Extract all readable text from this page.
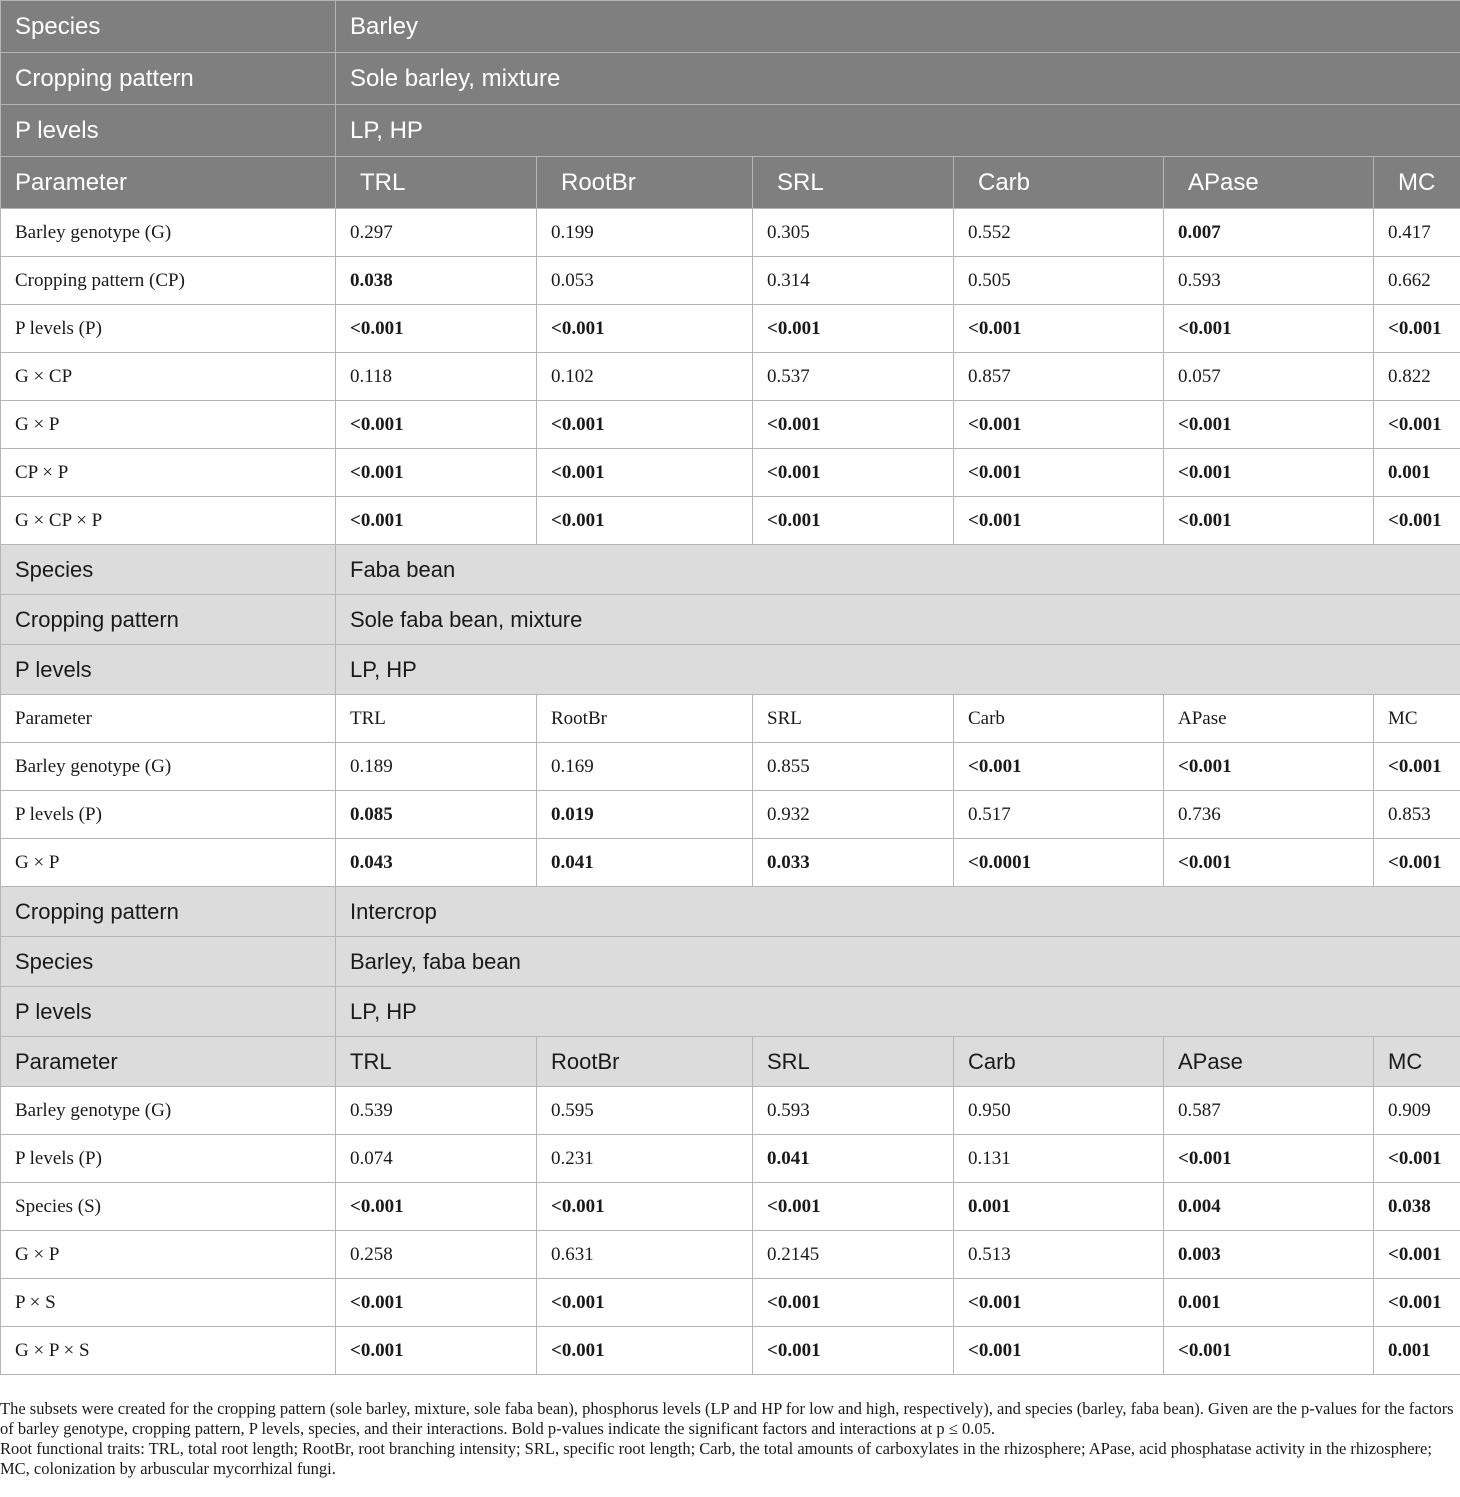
Species	Barley					
Cropping pattern	Sole barley, mixture					
P levels	LP, HP					
Parameter	TRL	RootBr	SRL	Carb	APase	MC
Barley genotype (G)	0.297	0.199	0.305	0.552	0.007	0.417
Cropping pattern (CP)	0.038	0.053	0.314	0.505	0.593	0.662
P levels (P)	<0.001	<0.001	<0.001	<0.001	<0.001	<0.001
G × CP	0.118	0.102	0.537	0.857	0.057	0.822
G × P	<0.001	<0.001	<0.001	<0.001	<0.001	<0.001
CP × P	<0.001	<0.001	<0.001	<0.001	<0.001	0.001
G × CP × P	<0.001	<0.001	<0.001	<0.001	<0.001	<0.001
Species	Faba bean					
Cropping pattern	Sole faba bean, mixture					
P levels	LP, HP					
Parameter	TRL	RootBr	SRL	Carb	APase	MC
Barley genotype (G)	0.189	0.169	0.855	<0.001	<0.001	<0.001
P levels (P)	0.085	0.019	0.932	0.517	0.736	0.853
G × P	0.043	0.041	0.033	<0.0001	<0.001	<0.001
Cropping pattern	Intercrop					
Species	Barley, faba bean					
P levels	LP, HP					
Parameter	TRL	RootBr	SRL	Carb	APase	MC
Barley genotype (G)	0.539	0.595	0.593	0.950	0.587	0.909
P levels (P)	0.074	0.231	0.041	0.131	<0.001	<0.001
Species (S)	<0.001	<0.001	<0.001	0.001	0.004	0.038
G × P	0.258	0.631	0.2145	0.513	0.003	<0.001
P × S	<0.001	<0.001	<0.001	<0.001	0.001	<0.001
G × P × S	<0.001	<0.001	<0.001	<0.001	<0.001	0.001

The subsets were created for the cropping pattern (sole barley, mixture, sole faba bean), phosphorus levels (LP and HP for low and high, respectively), and species (barley, faba bean). Given are the p-values for the factors of barley genotype, cropping pattern, P levels, species, and their interactions. Bold p-values indicate the significant factors and interactions at p ≤ 0.05.

Root functional traits: TRL, total root length; RootBr, root branching intensity; SRL, specific root length; Carb, the total amounts of carboxylates in the rhizosphere; APase, acid phosphatase activity in the rhizosphere; MC, colonization by arbuscular mycorrhizal fungi.
